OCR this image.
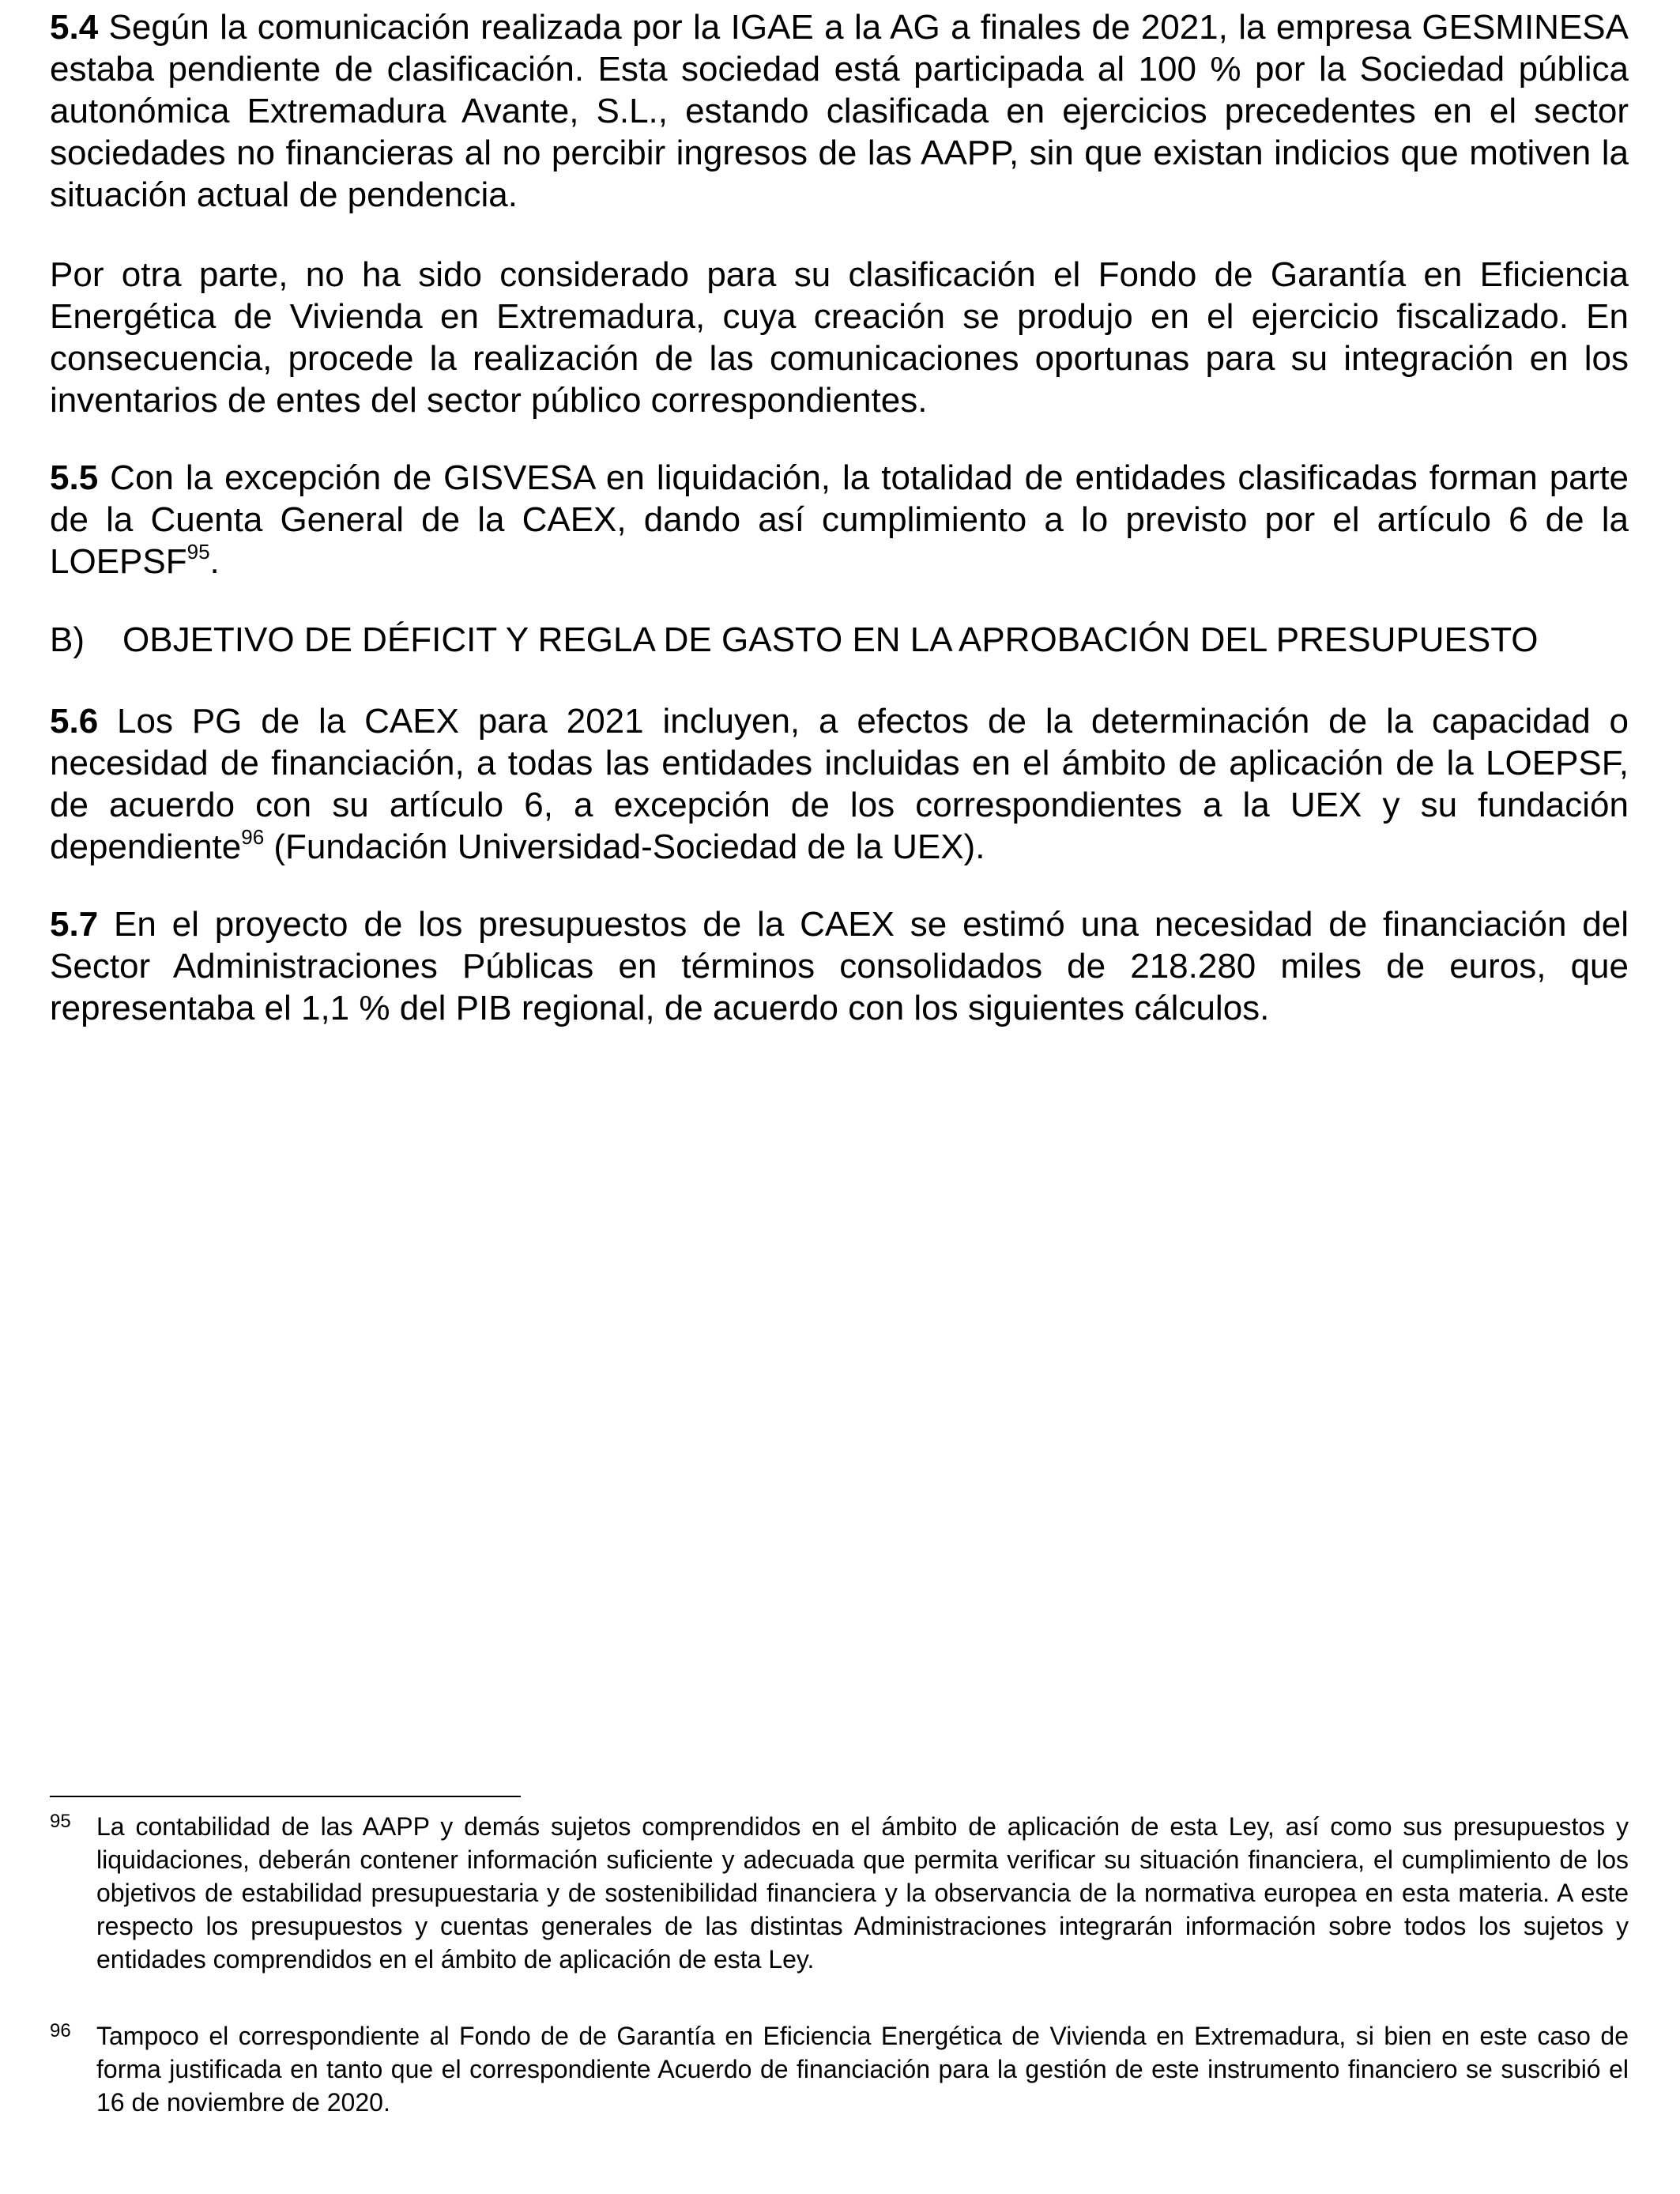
5.4 Según la comunicación realizada por la IGAE a la AG a finales de 2021, la empresa GESMINESA estaba pendiente de clasificación. Esta sociedad está participada al 100 % por la Sociedad pública autonómica Extremadura Avante, S.L., estando clasificada en ejercicios precedentes en el sector sociedades no financieras al no percibir ingresos de las AAPP, sin que existan indicios que motiven la situación actual de pendencia.

Por otra parte, no ha sido considerado para su clasificación el Fondo de Garantía en Eficiencia Energética de Vivienda en Extremadura, cuya creación se produjo en el ejercicio fiscalizado. En consecuencia, procede la realización de las comunicaciones oportunas para su integración en los inventarios de entes del sector público correspondientes.

5.5 Con la excepción de GISVESA en liquidación, la totalidad de entidades clasificadas forman parte de la Cuenta General de la CAEX, dando así cumplimiento a lo previsto por el artículo 6 de la LOEPSF$^{95}$.

B) OBJETIVO DE DÉFICIT Y REGLA DE GASTO EN LA APROBACIÓN DEL PRESUPUESTO

5.6 Los PG de la CAEX para 2021 incluyen, a efectos de la determinación de la capacidad o necesidad de financiación, a todas las entidades incluidas en el ámbito de aplicación de la LOEPSF, de acuerdo con su artículo 6, a excepción de los correspondientes a la UEX y su fundación dependiente$^{96}$ (Fundación Universidad-Sociedad de la UEX).

5.7 En el proyecto de los presupuestos de la CAEX se estimó una necesidad de financiación del Sector Administraciones Públicas en términos consolidados de 218.280 miles de euros, que representaba el 1,1 % del PIB regional, de acuerdo con los siguientes cálculos.

95 La contabilidad de las AAPP y demás sujetos comprendidos en el ámbito de aplicación de esta Ley, así como sus presupuestos y liquidaciones, deberán contener información suficiente y adecuada que permita verificar su situación financiera, el cumplimiento de los objetivos de estabilidad presupuestaria y de sostenibilidad financiera y la observancia de la normativa europea en esta materia. A este respecto los presupuestos y cuentas generales de las distintas Administraciones integrarán información sobre todos los sujetos y entidades comprendidos en el ámbito de aplicación de esta Ley.

96 Tampoco el correspondiente al Fondo de de Garantía en Eficiencia Energética de Vivienda en Extremadura, si bien en este caso de forma justificada en tanto que el correspondiente Acuerdo de financiación para la gestión de este instrumento financiero se suscribió el 16 de noviembre de 2020.
